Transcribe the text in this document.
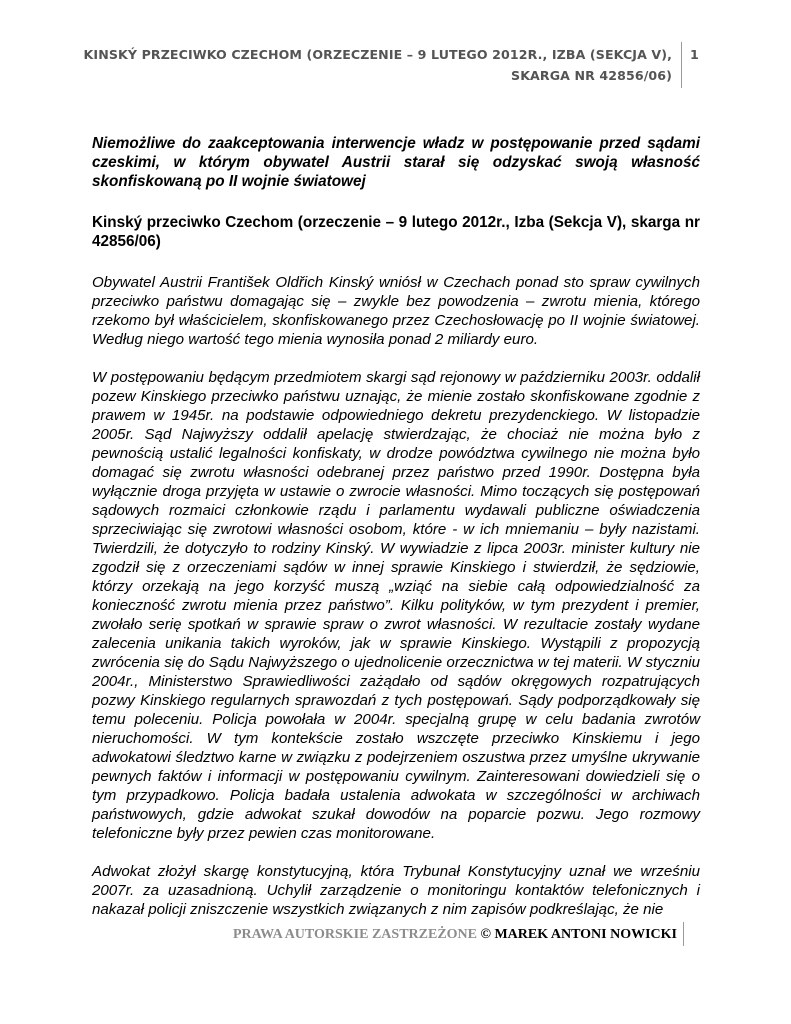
KINSKÝ PRZECIWKO CZECHOM (ORZECZENIE – 9 LUTEGO 2012R., IZBA (SEKCJA V), SKARGA NR 42856/06)
1

Niemożliwe do zaakceptowania interwencje władz w postępowanie przed sądami czeskimi, w którym obywatel Austrii starał się odzyskać swoją własność skonfiskowaną po II wojnie światowej

Kinský przeciwko Czechom (orzeczenie – 9 lutego 2012r., Izba (Sekcja V), skarga nr 42856/06)

Obywatel Austrii František Oldřich Kinský wniósł w Czechach ponad sto spraw cywilnych przeciwko państwu domagając się – zwykle bez powodzenia – zwrotu mienia, którego rzekomo był właścicielem, skonfiskowanego przez Czechosłowację po II wojnie światowej. Według niego wartość tego mienia wynosiła ponad 2 miliardy euro.

W postępowaniu będącym przedmiotem skargi sąd rejonowy w październiku 2003r. oddalił pozew Kinskiego przeciwko państwu uznając, że mienie zostało skonfiskowane zgodnie z prawem w 1945r. na podstawie odpowiedniego dekretu prezydenckiego. W listopadzie 2005r. Sąd Najwyższy oddalił apelację stwierdzając, że chociaż nie można było z pewnością ustalić legalności konfiskaty, w drodze powództwa cywilnego nie można było domagać się zwrotu własności odebranej przez państwo przed 1990r. Dostępna była wyłącznie droga przyjęta w ustawie o zwrocie własności. Mimo toczących się postępowań sądowych rozmaici członkowie rządu i parlamentu wydawali publiczne oświadczenia sprzeciwiając się zwrotowi własności osobom, które - w ich mniemaniu – były nazistami. Twierdzili, że dotyczyło to rodziny Kinský. W wywiadzie z lipca 2003r. minister kultury nie zgodził się z orzeczeniami sądów w innej sprawie Kinskiego i stwierdził, że sędziowie, którzy orzekają na jego korzyść muszą „wziąć na siebie całą odpowiedzialność za konieczność zwrotu mienia przez państwo”. Kilku polityków, w tym prezydent i premier, zwołało serię spotkań w sprawie spraw o zwrot własności. W rezultacie zostały wydane zalecenia unikania takich wyroków, jak w sprawie Kinskiego. Wystąpili z propozycją zwrócenia się do Sądu Najwyższego o ujednolicenie orzecznictwa w tej materii. W styczniu 2004r., Ministerstwo Sprawiedliwości zażądało od sądów okręgowych rozpatrujących pozwy Kinskiego regularnych sprawozdań z tych postępowań. Sądy podporządkowały się temu poleceniu. Policja powołała w 2004r. specjalną grupę w celu badania zwrotów nieruchomości. W tym kontekście zostało wszczęte przeciwko Kinskiemu i jego adwokatowi śledztwo karne w związku z podejrzeniem oszustwa przez umyślne ukrywanie pewnych faktów i informacji w postępowaniu cywilnym. Zainteresowani dowiedzieli się o tym przypadkowo. Policja badała ustalenia adwokata w szczególności w archiwach państwowych, gdzie adwokat szukał dowodów na poparcie pozwu. Jego rozmowy telefoniczne były przez pewien czas monitorowane.

Adwokat złożył skargę konstytucyjną, która Trybunał Konstytucyjny uznał we wrześniu 2007r. za uzasadnioną. Uchylił zarządzenie o monitoringu kontaktów telefonicznych i nakazał policji zniszczenie wszystkich związanych z nim zapisów podkreślając, że nie

PRAWA AUTORSKIE ZASTRZEŻONE © MAREK ANTONI NOWICKI
